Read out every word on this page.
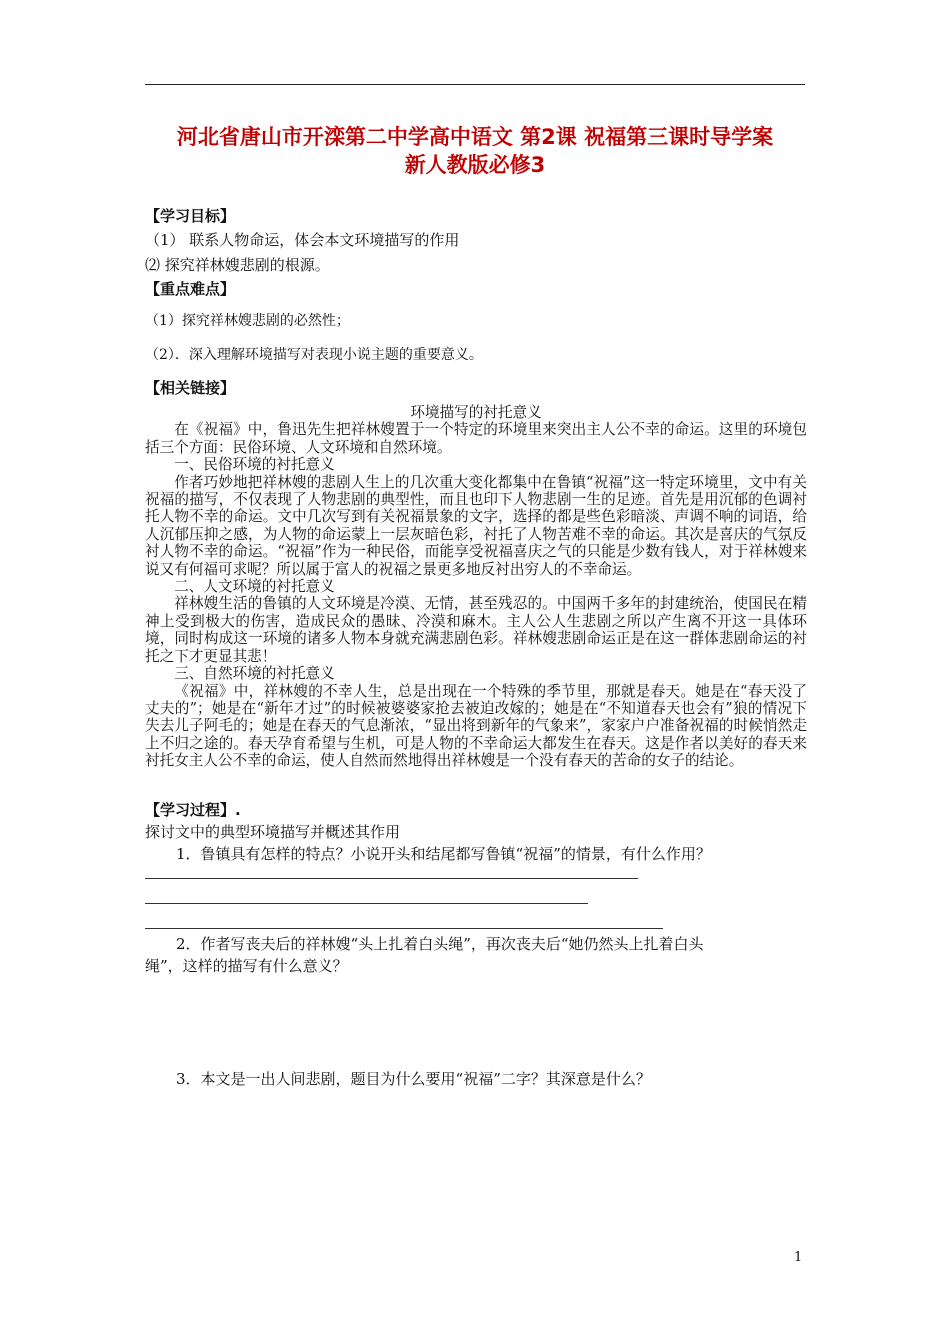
河北省唐山市开滦第二中学高中语文 第2课 祝福第三课时导学案
新人教版必修3
【学习目标】
（1） 联系人物命运，体会本文环境描写的作用
⑵ 探究祥林嫂悲剧的根源。
【重点难点】
（1）探究祥林嫂悲剧的必然性；
（2）．深入理解环境描写对表现小说主题的重要意义。
【相关链接】
环境描写的衬托意义
在《祝福》中，鲁迅先生把祥林嫂置于一个特定的环境里来突出主人公不幸的命运。这里的环境包括三个方面：民俗环境、人文环境和自然环境。
一、民俗环境的衬托意义
作者巧妙地把祥林嫂的悲剧人生上的几次重大变化都集中在鲁镇“祝福”这一特定环境里，文中有关祝福的描写，不仅表现了人物悲剧的典型性，而且也印下人物悲剧一生的足迹。首先是用沉郁的色调衬托人物不幸的命运。文中几次写到有关祝福景象的文字，选择的都是些色彩暗淡、声调不响的词语，给人沉郁压抑之感，为人物的命运蒙上一层灰暗色彩，衬托了人物苦难不幸的命运。其次是喜庆的气氛反衬人物不幸的命运。“祝福”作为一种民俗，而能享受祝福喜庆之气的只能是少数有钱人，对于祥林嫂来说又有何福可求呢？所以属于富人的祝福之景更多地反衬出穷人的不幸命运。
二、人文环境的衬托意义
祥林嫂生活的鲁镇的人文环境是冷漠、无情，甚至残忍的。中国两千多年的封建统治，使国民在精神上受到极大的伤害，造成民众的愚昧、冷漠和麻木。主人公人生悲剧之所以产生离不开这一具体环境，同时构成这一环境的诸多人物本身就充满悲剧色彩。祥林嫂悲剧命运正是在这一群体悲剧命运的衬托之下才更显其悲！
三、自然环境的衬托意义
《祝福》中，祥林嫂的不幸人生，总是出现在一个特殊的季节里，那就是春天。她是在“春天没了丈夫的”；她是在“新年才过”的时候被婆婆家抢去被迫改嫁的；她是在“不知道春天也会有”狼的情况下失去儿子阿毛的；她是在春天的气息渐浓，“显出将到新年的气象来”，家家户户准备祝福的时候悄然走上不归之途的。春天孕育希望与生机，可是人物的不幸命运大都发生在春天。这是作者以美好的春天来衬托女主人公不幸的命运，使人自然而然地得出祥林嫂是一个没有春天的苦命的女子的结论。
【学习过程】.
探讨文中的典型环境描写并概述其作用
1．鲁镇具有怎样的特点？小说开头和结尾都写鲁镇“祝福”的情景，有什么作用？
2．作者写丧夫后的祥林嫂“头上扎着白头绳”，再次丧夫后“她仍然头上扎着白头
绳”，这样的描写有什么意义？
3．本文是一出人间悲剧，题目为什么要用“祝福”二字？其深意是什么？
1
